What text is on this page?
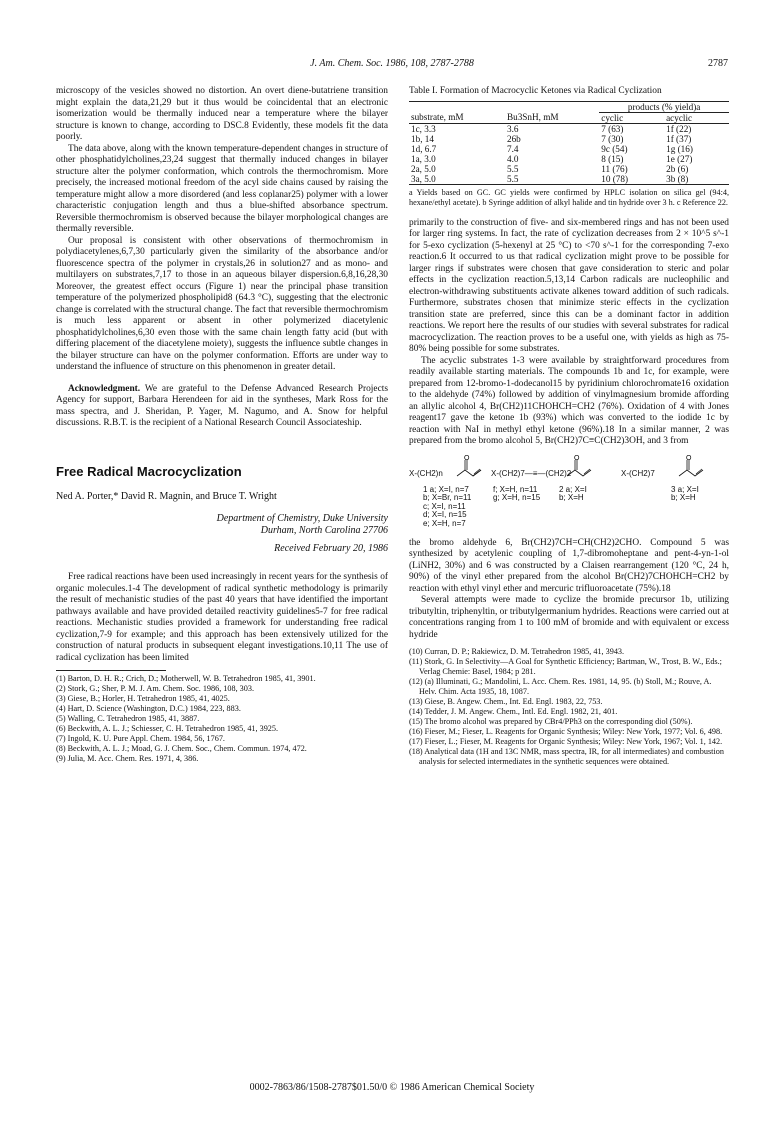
J. Am. Chem. Soc. 1986, 108, 2787-2788	2787

microscopy of the vesicles showed no distortion. An overt diene-butatriene transition might explain the data,21,29 but it thus would be coincidental that an electronic isomerization would be thermally induced near a temperature where the bilayer structure is known to change, according to DSC.8 Evidently, these models fit the data poorly.

The data above, along with the known temperature-dependent changes in structure of other phosphatidylcholines,23,24 suggest that thermally induced changes in bilayer structure alter the polymer conformation, which controls the thermochromism. More precisely, the increased motional freedom of the acyl side chains caused by raising the temperature might allow a more disordered (and less coplanar25) polymer with a lower characteristic conjugation length and thus a blue-shifted absorbance spectrum. Reversible thermochromism is observed because the bilayer morphological changes are thermally reversible.

Our proposal is consistent with other observations of thermochromism in polydiacetylenes,6,7,30 particularly given the similarity of the absorbance and/or fluorescence spectra of the polymer in crystals,26 in solution27 and as mono- and multilayers on substrates,7,17 to those in an aqueous bilayer dispersion.6,8,16,28,30 Moreover, the greatest effect occurs (Figure 1) near the principal phase transition temperature of the polymerized phospholipid8 (64.3 °C), suggesting that the electronic change is correlated with the structural change. The fact that reversible thermochromism is much less apparent or absent in other polymerized diacetylenic phosphatidylcholines,6,30 even those with the same chain length fatty acid (but with differing placement of the diacetylene moiety), suggests the influence subtle changes in the bilayer structure can have on the polymer conformation. Efforts are under way to understand the influence of structure on this phenomenon in greater detail.

Acknowledgment. We are grateful to the Defense Advanced Research Projects Agency for support, Barbara Herendeen for aid in the syntheses, Mark Ross for the mass spectra, and J. Sheridan, P. Yager, M. Nagumo, and A. Snow for helpful discussions. R.B.T. is the recipient of a National Research Council Associateship.

Free Radical Macrocyclization

Ned A. Porter,* David R. Magnin, and Bruce T. Wright

Department of Chemistry, Duke University
Durham, North Carolina 27706

Received February 20, 1986

Free radical reactions have been used increasingly in recent years for the synthesis of organic molecules.1-4 The development of radical synthetic methodology is primarily the result of mechanistic studies of the past 40 years that have identified the important pathways available and have provided detailed reactivity guidelines5-7 for free radical reactions. Mechanistic studies provided a framework for understanding free radical cyclization,7-9 for example; and this approach has been extensively utilized for the construction of natural products in subsequent elegant investigations.10,11 The use of radical cyclization has been limited

(1) Barton, D. H. R.; Crich, D.; Motherwell, W. B. Tetrahedron 1985, 41, 3901.
(2) Stork, G.; Sher, P. M. J. Am. Chem. Soc. 1986, 108, 303.
(3) Giese, B.; Horler, H. Tetrahedron 1985, 41, 4025.
(4) Hart, D. Science (Washington, D.C.) 1984, 223, 883.
(5) Walling, C. Tetrahedron 1985, 41, 3887.
(6) Beckwith, A. L. J.; Schiesser, C. H. Tetrahedron 1985, 41, 3925.
(7) Ingold, K. U. Pure Appl. Chem. 1984, 56, 1767.
(8) Beckwith, A. L. J.; Moad, G. J. Chem. Soc., Chem. Commun. 1974, 472.
(9) Julia, M. Acc. Chem. Res. 1971, 4, 386.
Table I. Formation of Macrocyclic Ketones via Radical Cyclization
		products (% yield)a	
substrate, mM	Bu3SnH, mM	cyclic	acyclic
1c, 3.3	3.6	7 (63)	1f (22)
1b, 14	26b	7 (30)	1f (37)
1d, 6.7	7.4	9c (54)	1g (16)
1a, 3.0	4.0	8 (15)	1e (27)
2a, 5.0	5.5	11 (76)	2b (6)
3a, 5.0	5.5	10 (78)	3b (8)
a Yields based on GC. GC yields were confirmed by HPLC isolation on silica gel (94:4, hexane/ethyl acetate). b Syringe addition of alkyl halide and tin hydride over 3 h. c Reference 22.

primarily to the construction of five- and six-membered rings and has not been used for larger ring systems. In fact, the rate of cyclization decreases from 2 × 10^5 s^-1 for 5-exo cyclization (5-hexenyl at 25 °C) to <70 s^-1 for the corresponding 7-exo reaction.6 It occurred to us that radical cyclization might prove to be possible for larger rings if substrates were chosen that gave consideration to steric and polar effects in the cyclization reaction.5,13,14 Carbon radicals are nucleophilic and electron-withdrawing substituents activate alkenes toward addition of such radicals. Furthermore, substrates chosen that minimize steric effects in the cyclization transition state are preferred, since this can be a dominant factor in addition reactions. We report here the results of our studies with several substrates for radical macrocyclization. The reaction proves to be a useful one, with yields as high as 75-80% being possible for some substrates.

The acyclic substrates 1-3 were available by straightforward procedures from readily available starting materials. The compounds 1b and 1c, for example, were prepared from 12-bromo-1-dodecanol15 by pyridinium chlorochromate16 oxidation to the aldehyde (74%) followed by addition of vinylmagnesium bromide affording an allylic alcohol 4, Br(CH2)11CHOHCH=CH2 (76%). Oxidation of 4 with Jones reagent17 gave the ketone 1b (93%) which was converted to the iodide 1c by reaction with NaI in methyl ethyl ketone (96%).18 In a similar manner, 2 was prepared from the bromo alcohol 5, Br(CH2)7C≡C(CH2)3OH, and 3 from

O	O	O
X-(CH2)n	X-(CH2)7—≡—(CH2)2	X-(CH2)7
1 a; X=I, n=7
b; X=Br, n=11
c; X=I, n=11
d; X=I, n=15
e; X=H, n=7
f; X=H, n=11
g; X=H, n=15
2 a; X=I
b; X=H
3 a; X=I
b; X=H

the bromo aldehyde 6, Br(CH2)7CH=CH(CH2)2CHO. Compound 5 was synthesized by acetylenic coupling of 1,7-dibromoheptane and pent-4-yn-1-ol (LiNH2, 30%) and 6 was constructed by a Claisen rearrangement (120 °C, 24 h, 90%) of the vinyl ether prepared from the alcohol Br(CH2)7CHOHCH=CH2 by reaction with ethyl vinyl ether and mercuric trifluoroacetate (75%).18

Several attempts were made to cyclize the bromide precursor 1b, utilizing tributyltin, triphenyltin, or tributylgermanium hydrides. Reactions were carried out at concentrations ranging from 1 to 100 mM of bromide and with equivalent or excess hydride

(10) Curran, D. P.; Rakiewicz, D. M. Tetrahedron 1985, 41, 3943.
(11) Stork, G. In Selectivity—A Goal for Synthetic Efficiency; Bartman, W., Trost, B. W., Eds.; Verlag Chemie: Basel, 1984; p 281.
(12) (a) Illuminati, G.; Mandolini, L. Acc. Chem. Res. 1981, 14, 95. (b) Stoll, M.; Rouve, A. Helv. Chim. Acta 1935, 18, 1087.
(13) Giese, B. Angew. Chem., Int. Ed. Engl. 1983, 22, 753.
(14) Tedder, J. M. Angew. Chem., Intl. Ed. Engl. 1982, 21, 401.
(15) The bromo alcohol was prepared by CBr4/PPh3 on the corresponding diol (50%).
(16) Fieser, M.; Fieser, L. Reagents for Organic Synthesis; Wiley: New York, 1977; Vol. 6, 498.
(17) Fieser, L.; Fieser, M. Reagents for Organic Synthesis; Wiley: New York, 1967; Vol. 1, 142.
(18) Analytical data (1H and 13C NMR, mass spectra, IR, for all intermediates) and combustion analysis for selected intermediates in the synthetic sequences were obtained.
0002-7863/86/1508-2787$01.50/0 © 1986 American Chemical Society
